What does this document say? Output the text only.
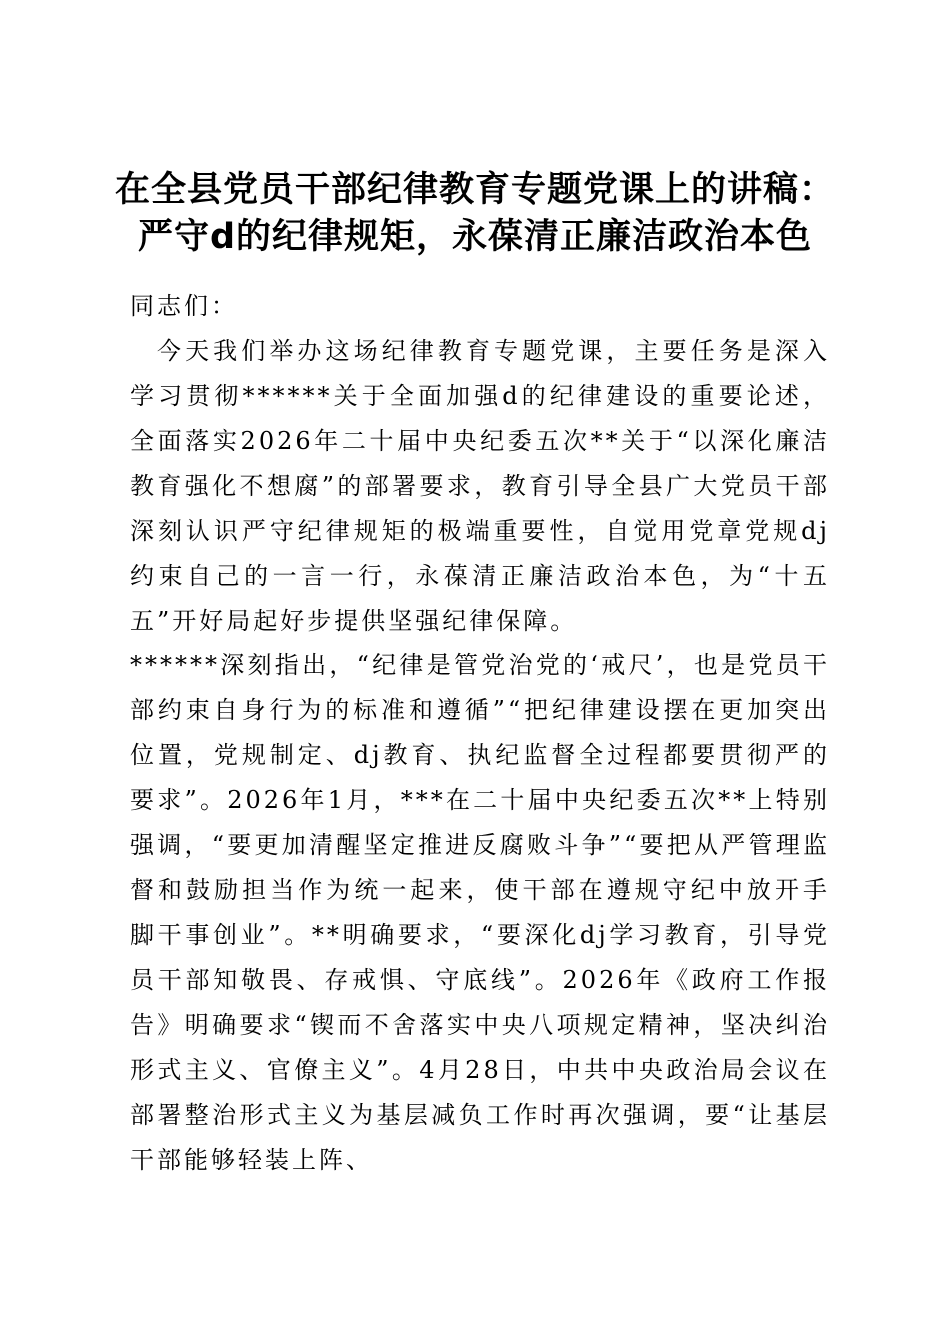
在全县党员干部纪律教育专题党课上的讲稿：
严守d的纪律规矩，永葆清正廉洁政治本色
同志们：
今天我们举办这场纪律教育专题党课，主要任务是深入学习贯彻******关于全面加强d的纪律建设的重要论述，全面落实2026年二十届中央纪委五次**关于“以深化廉洁教育强化不想腐”的部署要求，教育引导全县广大党员干部深刻认识严守纪律规矩的极端重要性，自觉用党章党规dj约束自己的一言一行，永葆清正廉洁政治本色，为“十五五”开好局起好步提供坚强纪律保障。
******深刻指出，“纪律是管党治党的‘戒尺’，也是党员干部约束自身行为的标准和遵循”“把纪律建设摆在更加突出位置，党规制定、dj教育、执纪监督全过程都要贯彻严的要求”。2026年1月，***在二十届中央纪委五次**上特别强调，“要更加清醒坚定推进反腐败斗争”“要把从严管理监督和鼓励担当作为统一起来，使干部在遵规守纪中放开手脚干事创业”。**明确要求，“要深化dj学习教育，引导党员干部知敬畏、存戒惧、守底线”。2026年《政府工作报告》明确要求“锲而不舍落实中央八项规定精神，坚决纠治形式主义、官僚主义”。4月28日，中共中央政治局会议在部署整治形式主义为基层减负工作时再次强调，要“让基层干部能够轻装上阵、
